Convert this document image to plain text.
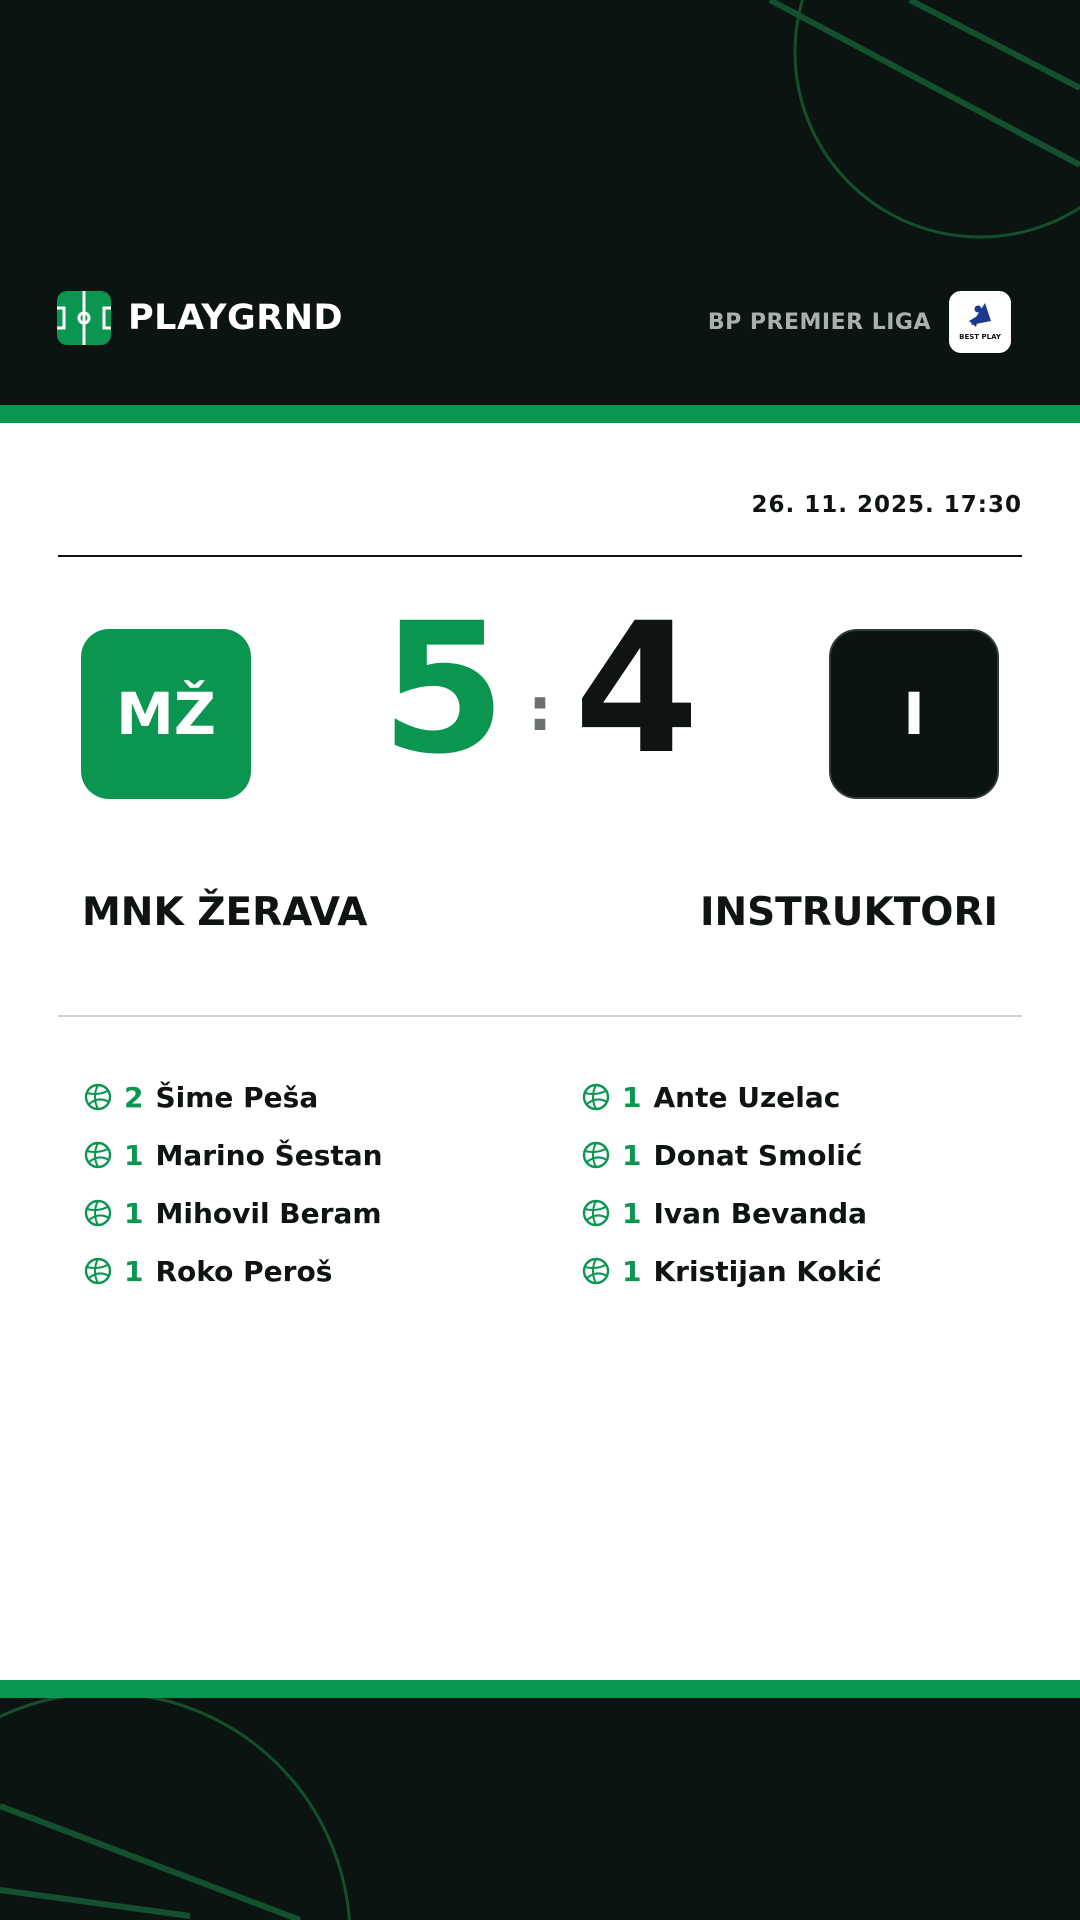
PLAYGRND	BP PREMIER LIGA
BEST PLAY
26. 11. 2025. 17:30
MŽ 5 : 4	I
MNK ŽERAVA	INSTRUKTORI
2 Šime Peša
1 Marino Šestan
1 Mihovil Beram
1 Roko Peroš
1 Ante Uzelac
1 Donat Smolić
1 Ivan Bevanda
1 Kristijan Kokić
